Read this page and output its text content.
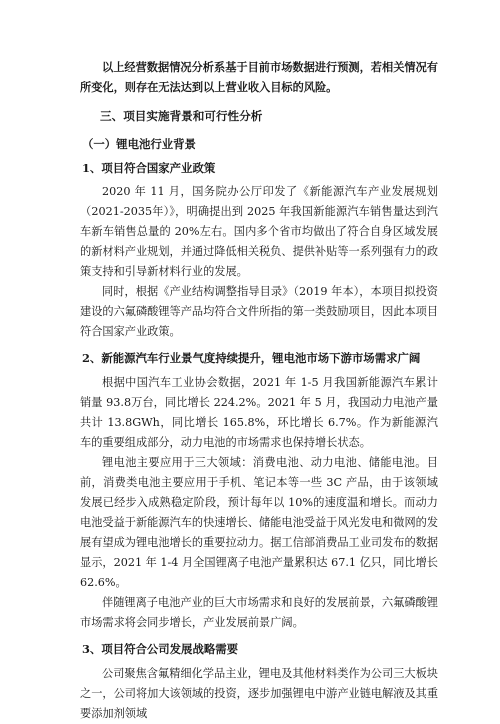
以上经营数据情况分析系基于目前市场数据进行预测，若相关情况有所变化，则存在无法达到以上营业收入目标的风险。

三、项目实施背景和可行性分析
（一）锂电池行业背景
1、项目符合国家产业政策

2020 年 11 月，国务院办公厅印发了《新能源汽车产业发展规划（2021-2035年）》，明确提出到 2025 年我国新能源汽车销售量达到汽车新车销售总量的 20%左右。国内多个省市均做出了符合自身区域发展的新材料产业规划，并通过降低相关税负、提供补贴等一系列强有力的政策支持和引导新材料行业的发展。

同时，根据《产业结构调整指导目录》（2019 年本），本项目拟投资建设的六氟磷酸锂等产品均符合文件所指的第一类鼓励项目，因此本项目符合国家产业政策。

2、新能源汽车行业景气度持续提升，锂电池市场下游市场需求广阔

根据中国汽车工业协会数据，2021 年 1-5 月我国新能源汽车累计销量 93.8万台，同比增长 224.2%。2021 年 5 月，我国动力电池产量共计 13.8GWh，同比增长 165.8%，环比增长 6.7%。作为新能源汽车的重要组成部分，动力电池的市场需求也保持增长状态。

锂电池主要应用于三大领域：消费电池、动力电池、储能电池。目前，消费类电池主要应用于手机、笔记本等一些 3C 产品，由于该领域发展已经步入成熟稳定阶段，预计每年以 10%的速度温和增长。而动力电池受益于新能源汽车的快速增长、储能电池受益于风光发电和微网的发展有望成为锂电池增长的重要拉动力。据工信部消费品工业司发布的数据显示，2021 年 1-4 月全国锂离子电池产量累积达 67.1 亿只，同比增长 62.6%。

伴随锂离子电池产业的巨大市场需求和良好的发展前景，六氟磷酸锂市场需求将会同步增长，产业发展前景广阔。

3、项目符合公司发展战略需要

公司聚焦含氟精细化学品主业，锂电及其他材料类作为公司三大板块之一，公司将加大该领域的投资，逐步加强锂电中游产业链电解液及其重要添加剂领域
